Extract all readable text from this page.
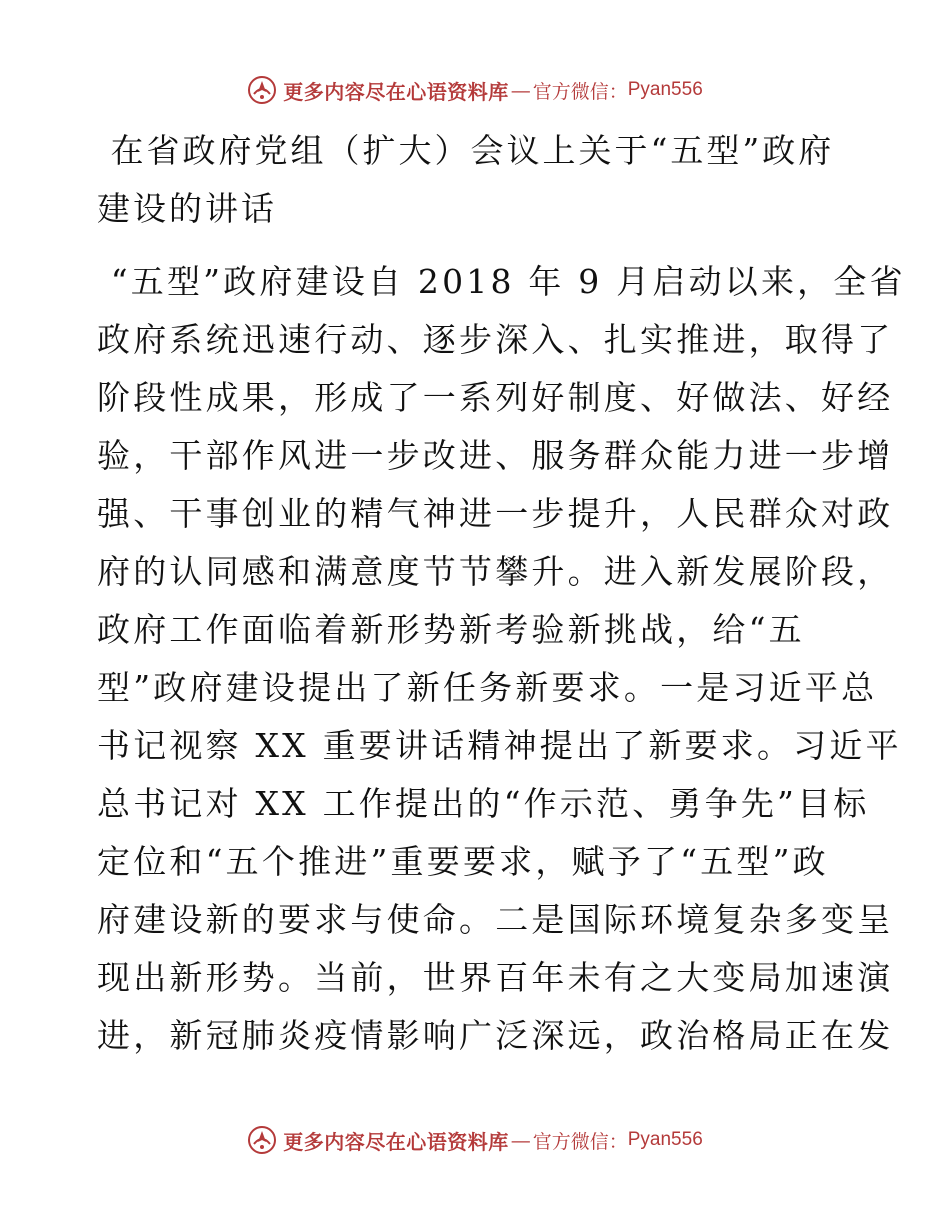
更多内容尽在心语资料库 — 官方微信： Pyan556
在省政府党组（扩大）会议上关于“五型”政府
建设的讲话
“五型”政府建设自 2018 年 9 月启动以来，全省
政府系统迅速行动、逐步深入、扎实推进，取得了
阶段性成果，形成了一系列好制度、好做法、好经
验，干部作风进一步改进、服务群众能力进一步增
强、干事创业的精气神进一步提升，人民群众对政
府的认同感和满意度节节攀升。进入新发展阶段，
政府工作面临着新形势新考验新挑战，给“五
型”政府建设提出了新任务新要求。一是习近平总
书记视察 XX 重要讲话精神提出了新要求。习近平
总书记对 XX 工作提出的“作示范、勇争先”目标
定位和“五个推进”重要要求，赋予了“五型”政
府建设新的要求与使命。二是国际环境复杂多变呈
现出新形势。当前，世界百年未有之大变局加速演
进，新冠肺炎疫情影响广泛深远，政治格局正在发
更多内容尽在心语资料库 — 官方微信： Pyan556
